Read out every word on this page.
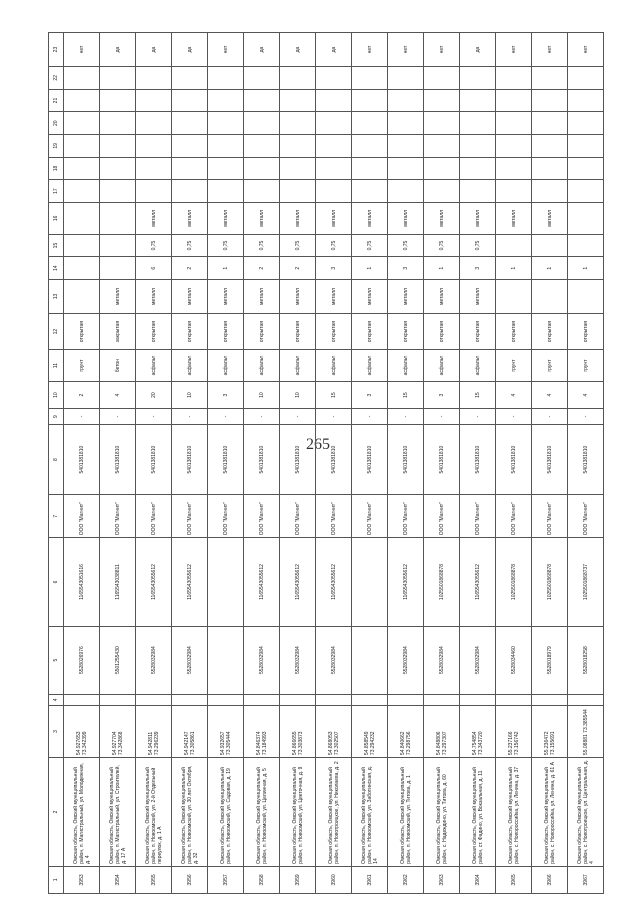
265
1	2	3	4	5	6	7	8	9	10	11	12	13	14	15	16	17	18	19	20	21	22	23
3953	Омская область, Омский муниципальный район, п. Магистральный, ул. Молодежная, д. 4	54.927653 73.342399		5528026976	1165543051616	ООО "Магнит"	5401381810	-	2	грунт	открытая											нет
3954	Омская область, Омский муниципальный район, п. Магистральный, ул. Строителей, д. 17 А	54.927704 73.342868		5501255430	1165543038811	ООО "Магнит"	5401381810	-	4	бетон	закрытая	металл										да
3955	Омская область, Омский муниципальный район, п. Новоомский, ул. 2-й Отдельный переулок, д. 1 А	54.942811 73.296239		5528032984	1165543055612	ООО "Магнит"	5401381810	-	20	асфальт	открытая	металл	6	0,75	металл							да
3956	Омская область, Омский муниципальный район, п. Новоомский, ул. 30 лет Октября, д. 32	54.942147 73.305861		5528032984	1165543055612	ООО "Магнит"	5401381810	-	10	асфальт	открытая	металл	2	0,75	металл							да
3957	Омская область, Омский муниципальный район, п. Новоомский, ул. Садовая, д. 19	54.932657 73.305444				ООО "Магнит"	5401381810	-	3	асфальт	открытая	металл	1	0,75	металл							нет
3958	Омская область, Омский муниципальный район, п. Новоомский, ул. Целинная, д. 5	54.846374 73.184993		5528032984	1165543055612	ООО "Магнит"	5401381810	-	10	асфальт	открытая	металл	2	0,75	металл							да
3959	Омская область, Омский муниципальный район, п. Новоомский, ул. Цветочная, д. 9	54.866655 73.303873		5528032984	1165543055612	ООО "Магнит"	5401381810	-	10	асфальт	открытая	металл	2	0,75	металл							да
3960	Омская область, Омский муниципальный район, п. Новотроицкое, ул. Николаева, д. 2	54.868053 73.302507		5528032984	1165543055612	ООО "Магнит"	5401381810	-	15	асфальт	открытая	металл	3	0,75	металл							да
3961	Омская область, Омский муниципальный район, п. Новоомский, ул. Заботинская, д. 14	54.858549 73.294232				ООО "Магнит"	5401381810	-	3	асфальт	открытая	металл	1	0,75	металл							нет
3962	Омская область, Омский муниципальный район, п. Новоомский, ул. Титова, д. 1	54.840662 73.298756		5528032984	1165543055612	ООО "Магнит"	5401381810	-	15	асфальт	открытая	металл	3	0,75	металл							нет
3963	Омская область, Омский муниципальный район, с. Надеждино, ул. Титова, д. 60	54.848806 73.297307		5528032984	1025501868878	ООО "Магнит"	5401381810	-	3	асфальт	открытая	металл	1	0,75	металл							нет
3964	Омская область, Омский муниципальный район, ст. Фадино, ул. Вокзальная, д. 11	54.754854 73.343720		5528032984	1165543055612	ООО "Магнит"	5401381810	-	15	асфальт	открытая	металл	3	0,75	металл							да
3965	Омская область, Омский муниципальный район, с. Новороссийка, ул. Ленина, д. 37	55.237166 73.156742		5528034460	1025501868878	ООО "Магнит"	5401381810	-	4	грунт	открытая		1		металл							нет
3966	Омская область, Омский муниципальный район, с. Новороссийка, ул. Ленина, д. 61 А	55.236472 73.155691		5528018979	1025501868878	ООО "Магнит"	5401381810	-	4	грунт	открытая		1		металл							нет
3967	Омская область, Омский муниципальный район, с. Новотроицкое, ул. Центральная, д. 4	55.08881 73.385544		5528018258	1025501868737	ООО "Магнит"	5401381810	-	4	грунт	открытая		1									нет
